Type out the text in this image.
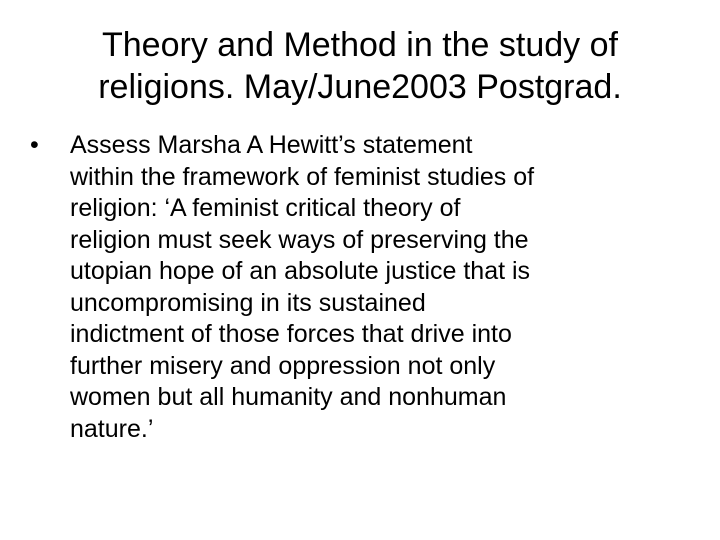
Theory and Method in the study of
religions. May/June2003 Postgrad.
• Assess Marsha A Hewitt’s statement
within the framework of feminist studies of
religion: ‘A feminist critical theory of
religion must seek ways of preserving the
utopian hope of an absolute justice that is
uncompromising in its sustained
indictment of those forces that drive into
further misery and oppression not only
women but all humanity and nonhuman
nature.’
